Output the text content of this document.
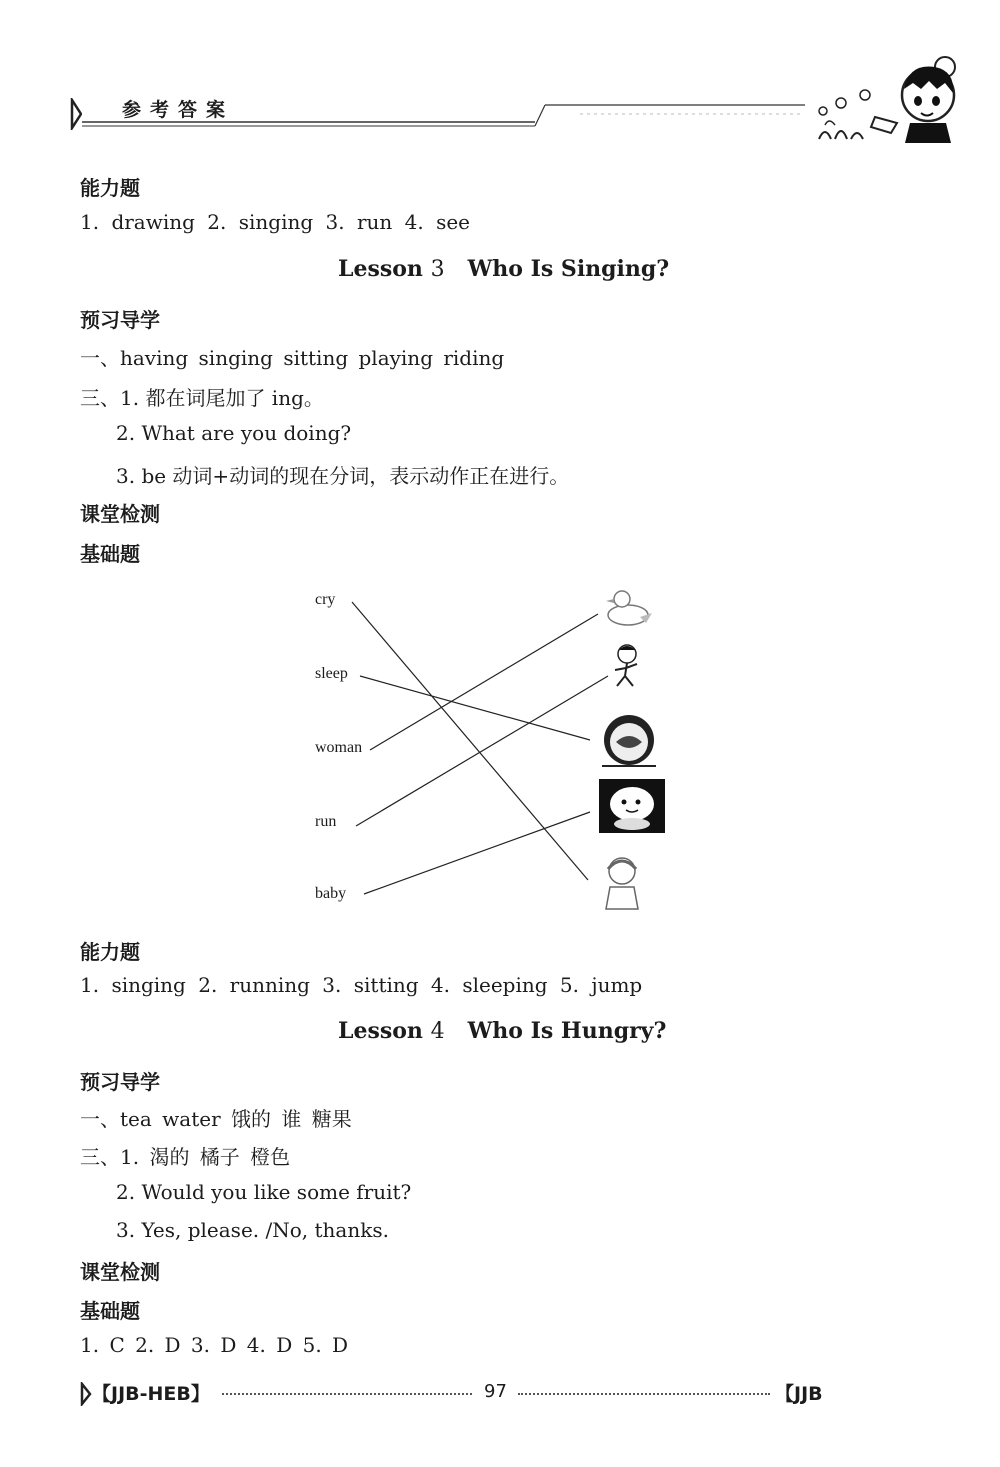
参考答案
能力题
1. drawing 2. singing 3. run 4. see
Lesson 3 Who Is Singing?
预习导学
一、having singing sitting playing riding
三、1. 都在词尾加了 ing。
2. What are you doing?
3. be 动词+动词的现在分词，表示动作正在进行。
课堂检测
基础题
cry
sleep
woman
run
baby
能力题
1. singing 2. running 3. sitting 4. sleeping 5. jump
Lesson 4 Who Is Hungry?
预习导学
一、tea water 饿的 谁 糖果
三、1. 渴的 橘子 橙色
2. Would you like some fruit?
3. Yes, please. /No, thanks.
课堂检测
基础题
1. C 2. D 3. D 4. D 5. D
【JJB-HEB】	97	【JJB
